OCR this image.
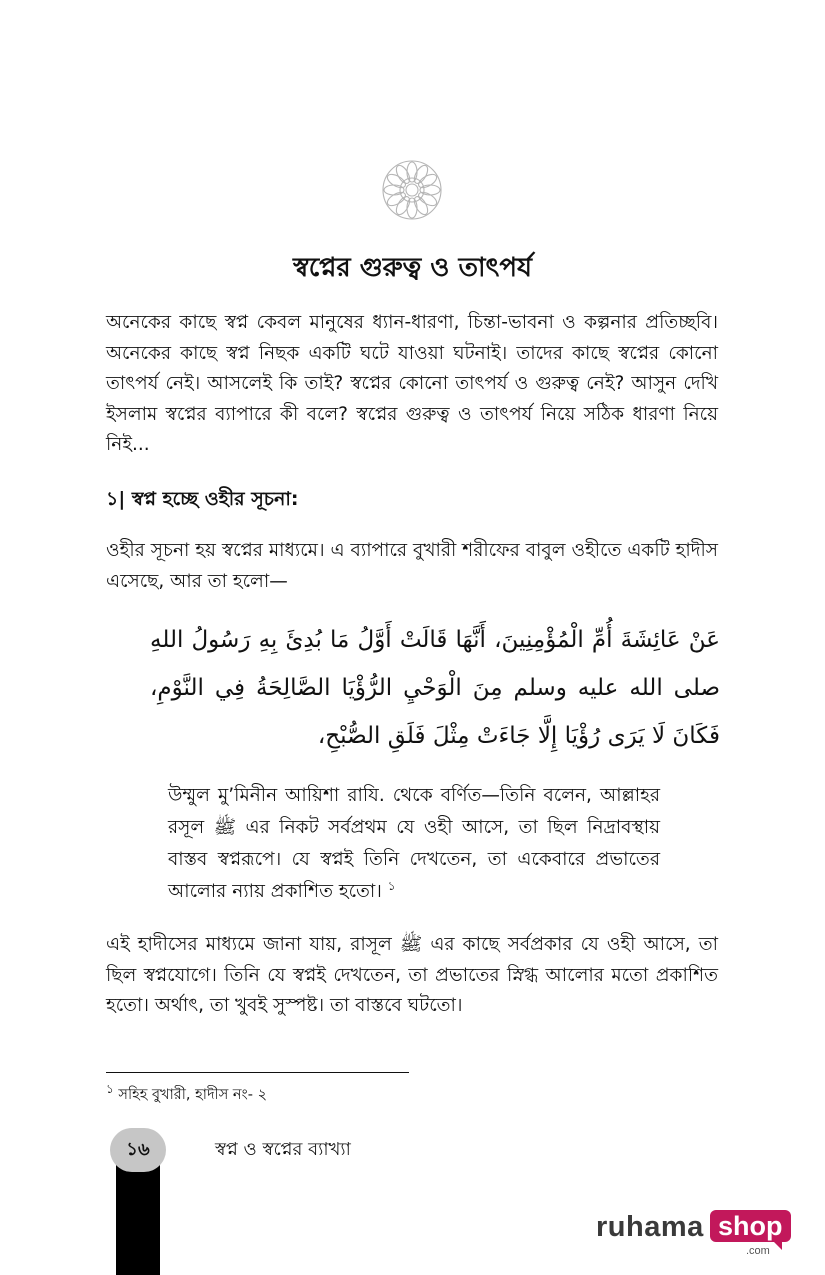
স্বপ্নের গুরুত্ব ও তাৎপর্য

অনেকের কাছে স্বপ্ন কেবল মানুষের ধ্যান-ধারণা, চিন্তা-ভাবনা ও কল্পনার প্রতিচ্ছবি। অনেকের কাছে স্বপ্ন নিছক একটি ঘটে যাওয়া ঘটনাই। তাদের কাছে স্বপ্নের কোনো তাৎপর্য নেই। আসলেই কি তাই? স্বপ্নের কোনো তাৎপর্য ও গুরুত্ব নেই? আসুন দেখি ইসলাম স্বপ্নের ব্যাপারে কী বলে? স্বপ্নের গুরুত্ব ও তাৎপর্য নিয়ে সঠিক ধারণা নিয়ে নিই...

১| স্বপ্ন হচ্ছে ওহীর সূচনা:

ওহীর সূচনা হয় স্বপ্নের মাধ্যমে। এ ব্যাপারে বুখারী শরীফের বাবুল ওহীতে একটি হাদীস এসেছে, আর তা হলো—

عَنْ عَائِشَةَ أُمِّ الْمُؤْمِنِينَ، أَنَّهَا قَالَتْ أَوَّلُ مَا بُدِئَ بِهِ رَسُولُ اللهِ صلى الله عليه وسلم مِنَ الْوَحْيِ الرُّؤْيَا الصَّالِحَةُ فِي النَّوْمِ، فَكَانَ لَا يَرَى رُؤْيَا إِلَّا جَاءَتْ مِثْلَ فَلَقِ الصُّبْحِ،

উম্মুল মু’মিনীন আয়িশা রাযি. থেকে বর্ণিত—তিনি বলেন, আল্লাহর রসূল ﷺ এর নিকট সর্বপ্রথম যে ওহী আসে, তা ছিল নিদ্রাবস্থায় বাস্তব স্বপ্নরূপে। যে স্বপ্নই তিনি দেখতেন, তা একেবারে প্রভাতের আলোর ন্যায় প্রকাশিত হতো। $^১$

এই হাদীসের মাধ্যমে জানা যায়, রাসূল ﷺ এর কাছে সর্বপ্রকার যে ওহী আসে, তা ছিল স্বপ্নযোগে। তিনি যে স্বপ্নই দেখতেন, তা প্রভাতের স্নিগ্ধ আলোর মতো প্রকাশিত হতো। অর্থাৎ, তা খুবই সুস্পষ্ট। তা বাস্তবে ঘটতো।

$^১$ সহিহ বুখারী, হাদীস নং- ২

১৬	স্বপ্ন ও স্বপ্নের ব্যাখ্যা

ruhama shop
.com
